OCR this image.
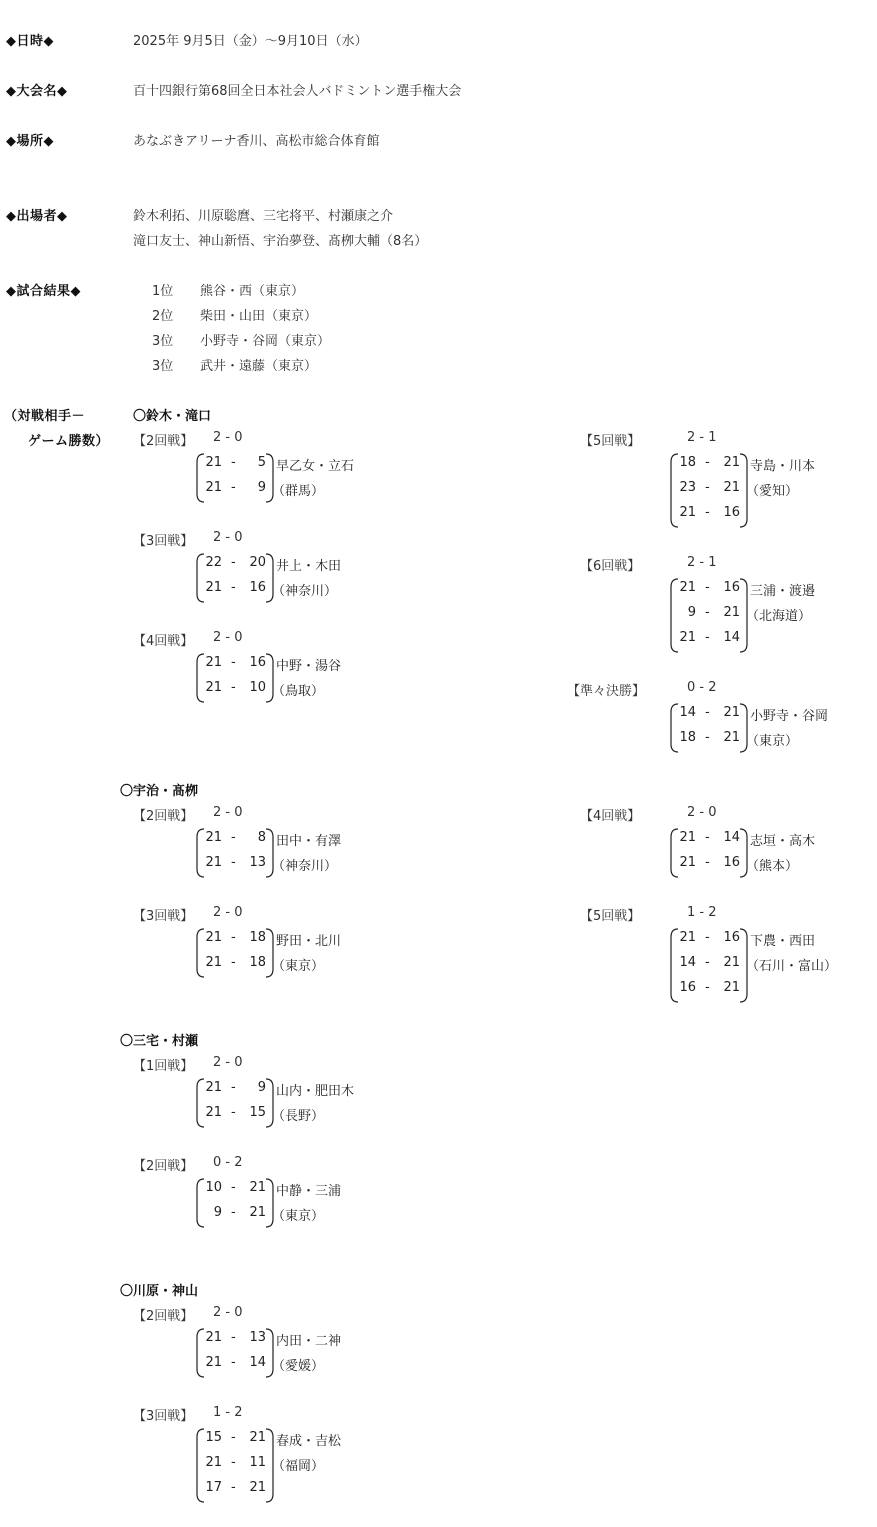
◆日時◆	2025年 9月5日（金）～9月10日（水）
◆大会名◆	百十四銀行第68回全日本社会人バドミントン選手権大会
◆場所◆	あなぶきアリーナ香川、高松市総合体育館
◆出場者◆	鈴木利拓、川原聡麿、三宅将平、村瀬康之介
滝口友士、神山新悟、宇治夢登、髙栁大輔（8名）
◆試合結果◆	1位 熊谷・西（東京）
2位 柴田・山田（東京）
3位 小野寺・谷岡（東京）
3位 武井・遠藤（東京）
（対戦相手－
ゲーム勝数）
〇鈴木・滝口
〇宇治・髙栁
〇三宅・村瀬
〇川原・神山
【2回戦】 2 - 0
21 -	5
21 -	9
早乙女・立石
（群馬）
【3回戦】 2 - 0
22 - 20
21 - 16
井上・木田
（神奈川）
【4回戦】 2 - 0
21 - 16
21 - 10
中野・湯谷
（鳥取）
【5回戦】	2 - 1
18 - 21
23 - 21
21 - 16
寺島・川本
（愛知）
【6回戦】	2 - 1
21 - 16
9 - 21
21 - 14
三浦・渡邉
（北海道）
【準々決勝】	0 - 2
14 - 21
18 - 21
小野寺・谷岡
（東京）
【2回戦】 2 - 0
21 -	8
21 - 13
田中・有澤
（神奈川）
【3回戦】 2 - 0
21 - 18
21 - 18
野田・北川
（東京）
【4回戦】	2 - 0
21 - 14
21 - 16
志垣・高木
（熊本）
【5回戦】	1 - 2
21 - 16
14 - 21
16 - 21
下農・西田
（石川・富山）
【1回戦】 2 - 0
21 -	9
21 - 15
山内・肥田木
（長野）
【2回戦】 0 - 2
10 - 21
9 - 21
中静・三浦
（東京）
【2回戦】 2 - 0
21 - 13
21 - 14
内田・二神
（愛媛）
【3回戦】 1 - 2
15 - 21
21 - 11
17 - 21
春成・吉松
（福岡）
